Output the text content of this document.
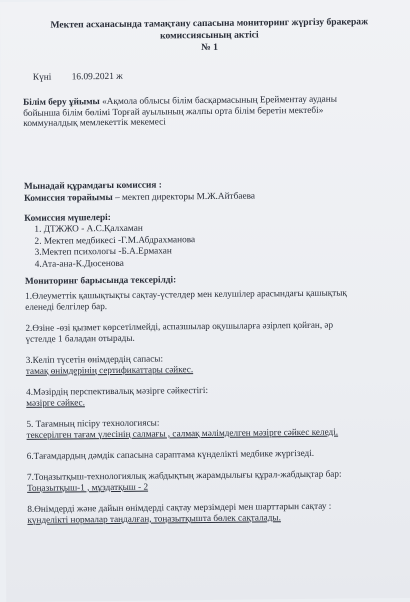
Мектеп асханасында тамақтану сапасына мониторинг жүргізу бракераж
комиссиясының актісі
№ 1
Күні 16.09.2021 ж
Білім беру ұйымы «Ақмола облысы білім басқармасының Ерейментау ауданы
бойынша білім бөлімі Торғай ауылының жалпы орта білім беретін мектебі»
коммуналдық мемлекеттік мекемесі
Мынадай құрамдағы комиссия :
Комиссия төрайымы – мектеп директоры М.Ж.Айтбаева
Комиссия мүшелері:
1. ДТЖЖО - А.С.Қалхаман
2. Мектеп медбикесі -Г.М.Абдрахманова
3.Мектеп психологы -Б.А.Ермахан
4.Ата-ана-К.Дюсенова
Мониторинг барысында тексерілді:
1.Өлеуметтік қашықтықты сақтау-үстелдер мен келушілер арасындағы қашықтық
еленеді белгілер бар.
2.Өзіне -өзі қызмет көрсетілмейді, аспазшылар оқушыларға әзірлеп қойған, әр
үстелде 1 баладан отырады.
3.Келіп түсетін өнімдердің сапасы:
тамақ өнімдерінің сертификаттары сәйкес.
4.Мәзірдің перспективалық мәзірге сәйкестігі:
мәзірге сәйкес.
5. Тағамның пісіру технологиясы:
тексерілген тағам үлесінің салмағы , салмақ мәлімделген мәзірге сәйкес келеді.
6.Тағамдардың дәмдік сапасына сараптама күнделікті медбике жүргізеді.
7.Тоңазытқыш-технологиялық жабдықтың жарамдылығы құрал-жабдықтар бар:
Тоңазытқыш-1 , мұздатқыш - 2
8.Өнімдерді және дайын өнімдерді сақтау мерзімдері мен шарттарын сақтау :
күнделікті нормалар таңдалған, тоңазытқышта бөлек сақталады.
